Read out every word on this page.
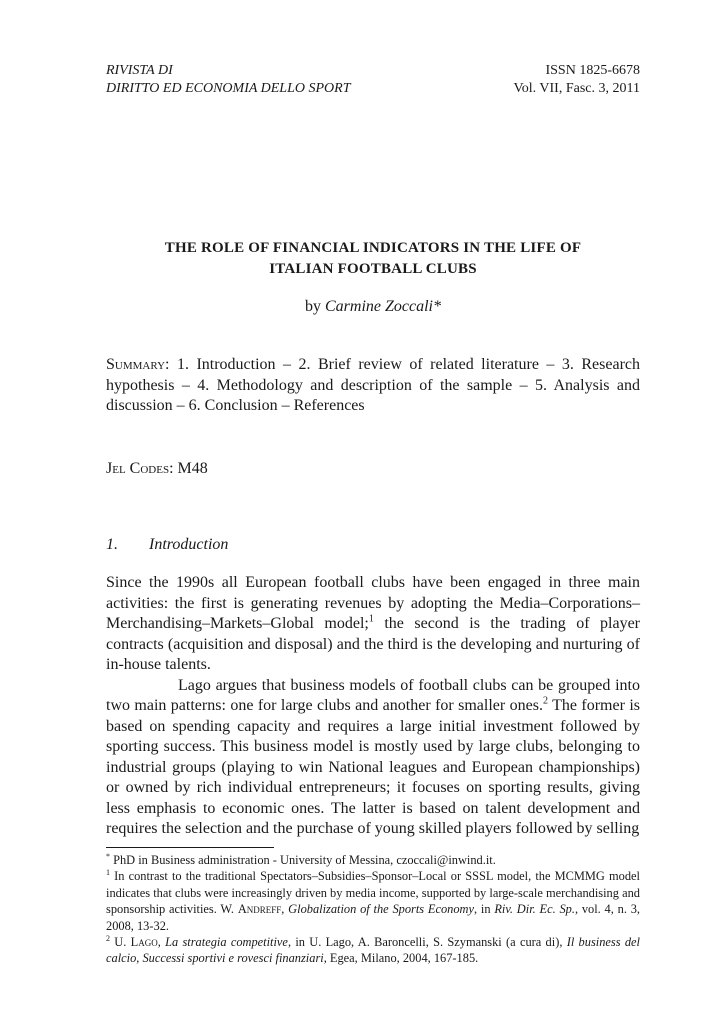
RIVISTA DI
DIRITTO ED ECONOMIA DELLO SPORT
ISSN 1825-6678
Vol. VII, Fasc. 3, 2011
THE ROLE OF FINANCIAL INDICATORS IN THE LIFE OF
ITALIAN FOOTBALL CLUBS
by Carmine Zoccali*
Summary: 1. Introduction – 2. Brief review of related literature – 3. Research hypothesis – 4. Methodology and description of the sample – 5. Analysis and discussion – 6. Conclusion – References
Jel Codes: M48
1. Introduction

Since the 1990s all European football clubs have been engaged in three main activities: the first is generating revenues by adopting the Media–Corporations–Merchandising–Markets–Global model;$^1$ the second is the trading of player contracts (acquisition and disposal) and the third is the developing and nurturing of in-house talents.

Lago argues that business models of football clubs can be grouped into two main patterns: one for large clubs and another for smaller ones.$^2$ The former is based on spending capacity and requires a large initial investment followed by sporting success. This business model is mostly used by large clubs, belonging to industrial groups (playing to win National leagues and European championships) or owned by rich individual entrepreneurs; it focuses on sporting results, giving less emphasis to economic ones. The latter is based on talent development and requires the selection and the purchase of young skilled players followed by selling

* PhD in Business administration - University of Messina, czoccali@inwind.it.

$^1$ In contrast to the traditional Spectators–Subsidies–Sponsor–Local or SSSL model, the MCMMG model indicates that clubs were increasingly driven by media income, supported by large-scale merchandising and sponsorship activities. W. Andreff, Globalization of the Sports Economy, in Riv. Dir. Ec. Sp., vol. 4, n. 3, 2008, 13-32.

$^2$ U. Lago, La strategia competitive, in U. Lago, A. Baroncelli, S. Szymanski (a cura di), Il business del calcio, Successi sportivi e rovesci finanziari, Egea, Milano, 2004, 167-185.
